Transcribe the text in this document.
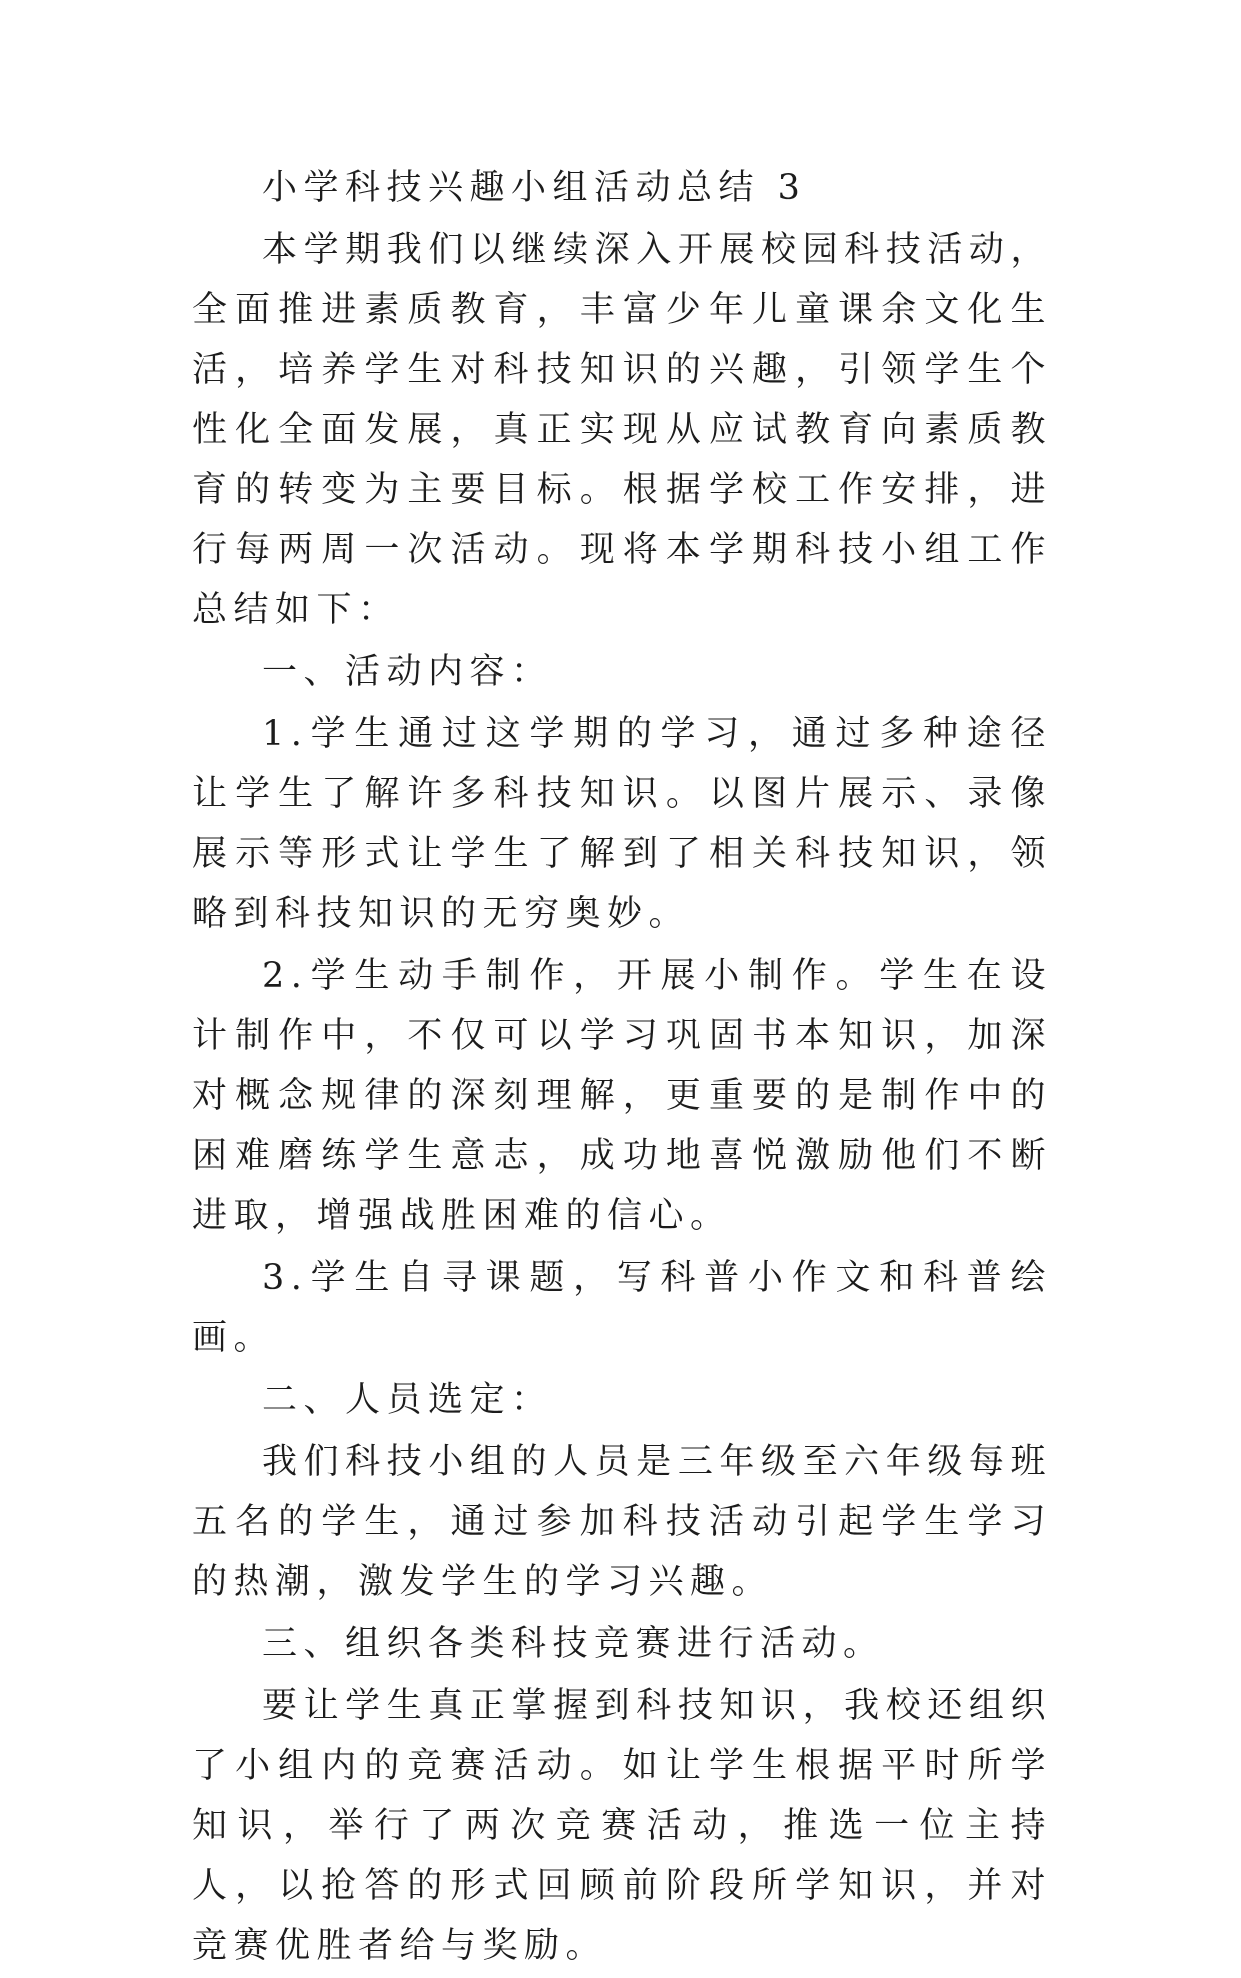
小学科技兴趣小组活动总结 3

本学期我们以继续深入开展校园科技活动，全面推进素质教育，丰富少年儿童课余文化生活，培养学生对科技知识的兴趣，引领学生个性化全面发展，真正实现从应试教育向素质教育的转变为主要目标。根据学校工作安排，进行每两周一次活动。现将本学期科技小组工作总结如下：

一、活动内容：

1.学生通过这学期的学习，通过多种途径让学生了解许多科技知识。以图片展示、录像展示等形式让学生了解到了相关科技知识，领略到科技知识的无穷奥妙。

2.学生动手制作，开展小制作。学生在设计制作中，不仅可以学习巩固书本知识，加深对概念规律的深刻理解，更重要的是制作中的困难磨练学生意志，成功地喜悦激励他们不断进取，增强战胜困难的信心。

3.学生自寻课题，写科普小作文和科普绘画。

二、人员选定：

我们科技小组的人员是三年级至六年级每班五名的学生，通过参加科技活动引起学生学习的热潮，激发学生的学习兴趣。

三、组织各类科技竞赛进行活动。

要让学生真正掌握到科技知识，我校还组织了小组内的竞赛活动。如让学生根据平时所学知识，举行了两次竞赛活动，推选一位主持人，以抢答的形式回顾前阶段所学知识，并对竞赛优胜者给与奖励。
